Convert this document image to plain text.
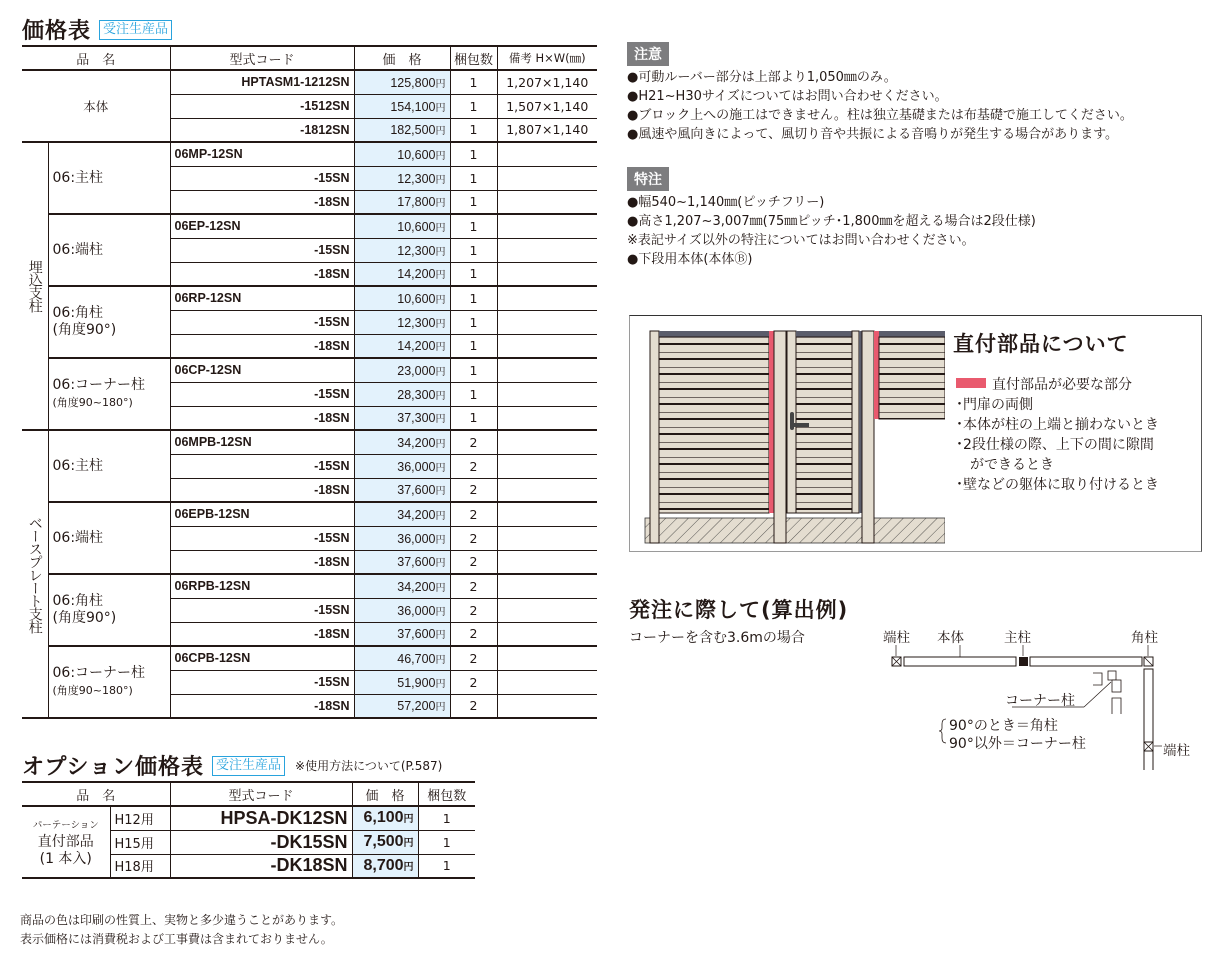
価格表 受注生産品
品　名		型式コード	価　格	梱包数	備考 H×W(㎜)
本体		HPTASM1-1212SN	125,800円	1	1,207×1,140
		-1512SN	154,100円	1	1,507×1,140
		-1812SN	182,500円	1	1,807×1,140

埋込支柱	06:主柱	06MP-12SN	10,600円	1	
		-15SN	12,300円	1	
		-18SN	17,800円	1	

	06:端柱	06EP-12SN	10,600円	1	
		-15SN	12,300円	1	
		-18SN	14,200円	1	

	06:角柱
(角度90°)	06RP-12SN	10,600円	1	
		-15SN	12,300円	1	
		-18SN	14,200円	1	

	06:コーナー柱
(角度90~180°)	06CP-12SN	23,000円	1	
		-15SN	28,300円	1	
		-18SN	37,300円	1	

ベースプレート支柱	06:主柱	06MPB-12SN	34,200円	2	
		-15SN	36,000円	2	
		-18SN	37,600円	2	

	06:端柱	06EPB-12SN	34,200円	2	
		-15SN	36,000円	2	
		-18SN	37,600円	2	

	06:角柱
(角度90°)	06RPB-12SN	34,200円	2	
		-15SN	36,000円	2	
		-18SN	37,600円	2	

	06:コーナー柱
(角度90~180°)	06CPB-12SN	46,700円	2	
		-15SN	51,900円	2	
		-18SN	57,200円	2	
オプション価格表 受注生産品	※使用方法について(P.587)
品　名		型式コード	価　格	梱包数

パーテーション
直付部品
(1 本入)	H12用	HPSA-DK12SN	6,100円	1
	H15用	-DK15SN	7,500円	1
	H18用	-DK18SN	8,700円	1
商品の色は印刷の性質上、実物と多少違うことがあります。
表示価格には消費税および工事費は含まれておりません。
注意
●可動ルーバー部分は上部より1,050㎜のみ。
●H21~H30サイズについてはお問い合わせください。
●ブロック上への施工はできません。柱は独立基礎または布基礎で施工してください。
●風速や風向きによって、風切り音や共振による音鳴りが発生する場合があります。
特注
●幅540~1,140㎜(ピッチフリー)
●高さ1,207~3,007㎜(75㎜ピッチ･1,800㎜を超える場合は2段仕様)
※表記サイズ以外の特注についてはお問い合わせください。
●下段用本体(本体Ⓑ)
直付部品について
直付部品が必要な部分
･門扉の両側
･本体が柱の上端と揃わないとき
･2段仕様の際、上下の間に隙間
　ができるとき
･壁などの躯体に取り付けるとき
発注に際して(算出例)
コーナーを含む3.6mの場合	端柱 本体	主柱	角柱
コーナー柱
90°のとき＝角柱
90°以外＝コーナー柱	端柱
